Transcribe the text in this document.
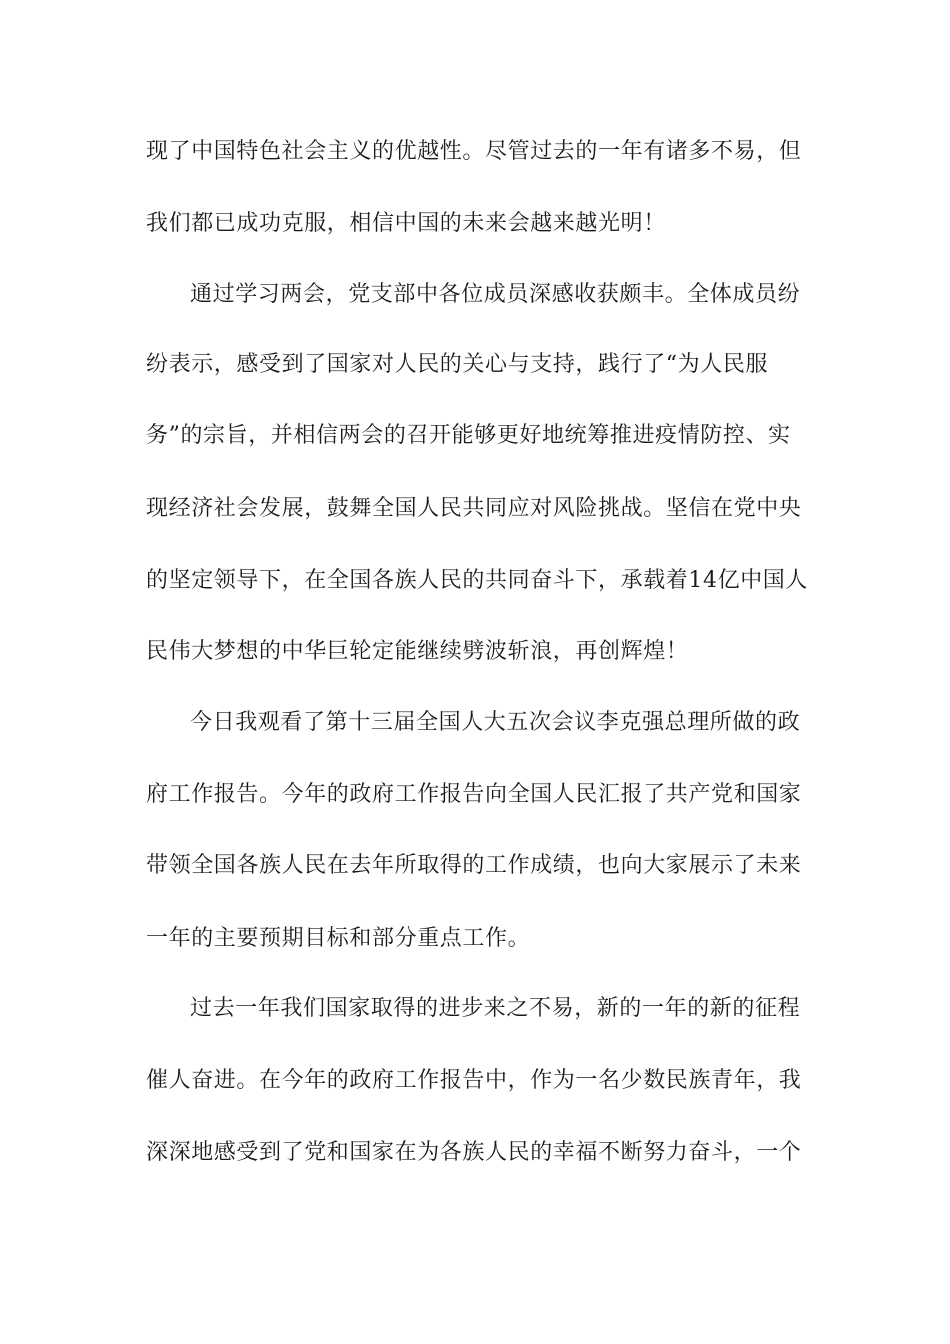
现了中国特色社会主义的优越性。尽管过去的一年有诸多不易，但
我们都已成功克服，相信中国的未来会越来越光明！
通过学习两会，党支部中各位成员深感收获颇丰。全体成员纷
纷表示，感受到了国家对人民的关心与支持，践行了“为人民服
务”的宗旨，并相信两会的召开能够更好地统筹推进疫情防控、实
现经济社会发展，鼓舞全国人民共同应对风险挑战。坚信在党中央
的坚定领导下，在全国各族人民的共同奋斗下，承载着14亿中国人
民伟大梦想的中华巨轮定能继续劈波斩浪，再创辉煌！
今日我观看了第十三届全国人大五次会议李克强总理所做的政
府工作报告。今年的政府工作报告向全国人民汇报了共产党和国家
带领全国各族人民在去年所取得的工作成绩，也向大家展示了未来
一年的主要预期目标和部分重点工作。
过去一年我们国家取得的进步来之不易，新的一年的新的征程
催人奋进。在今年的政府工作报告中，作为一名少数民族青年，我
深深地感受到了党和国家在为各族人民的幸福不断努力奋斗，一个
